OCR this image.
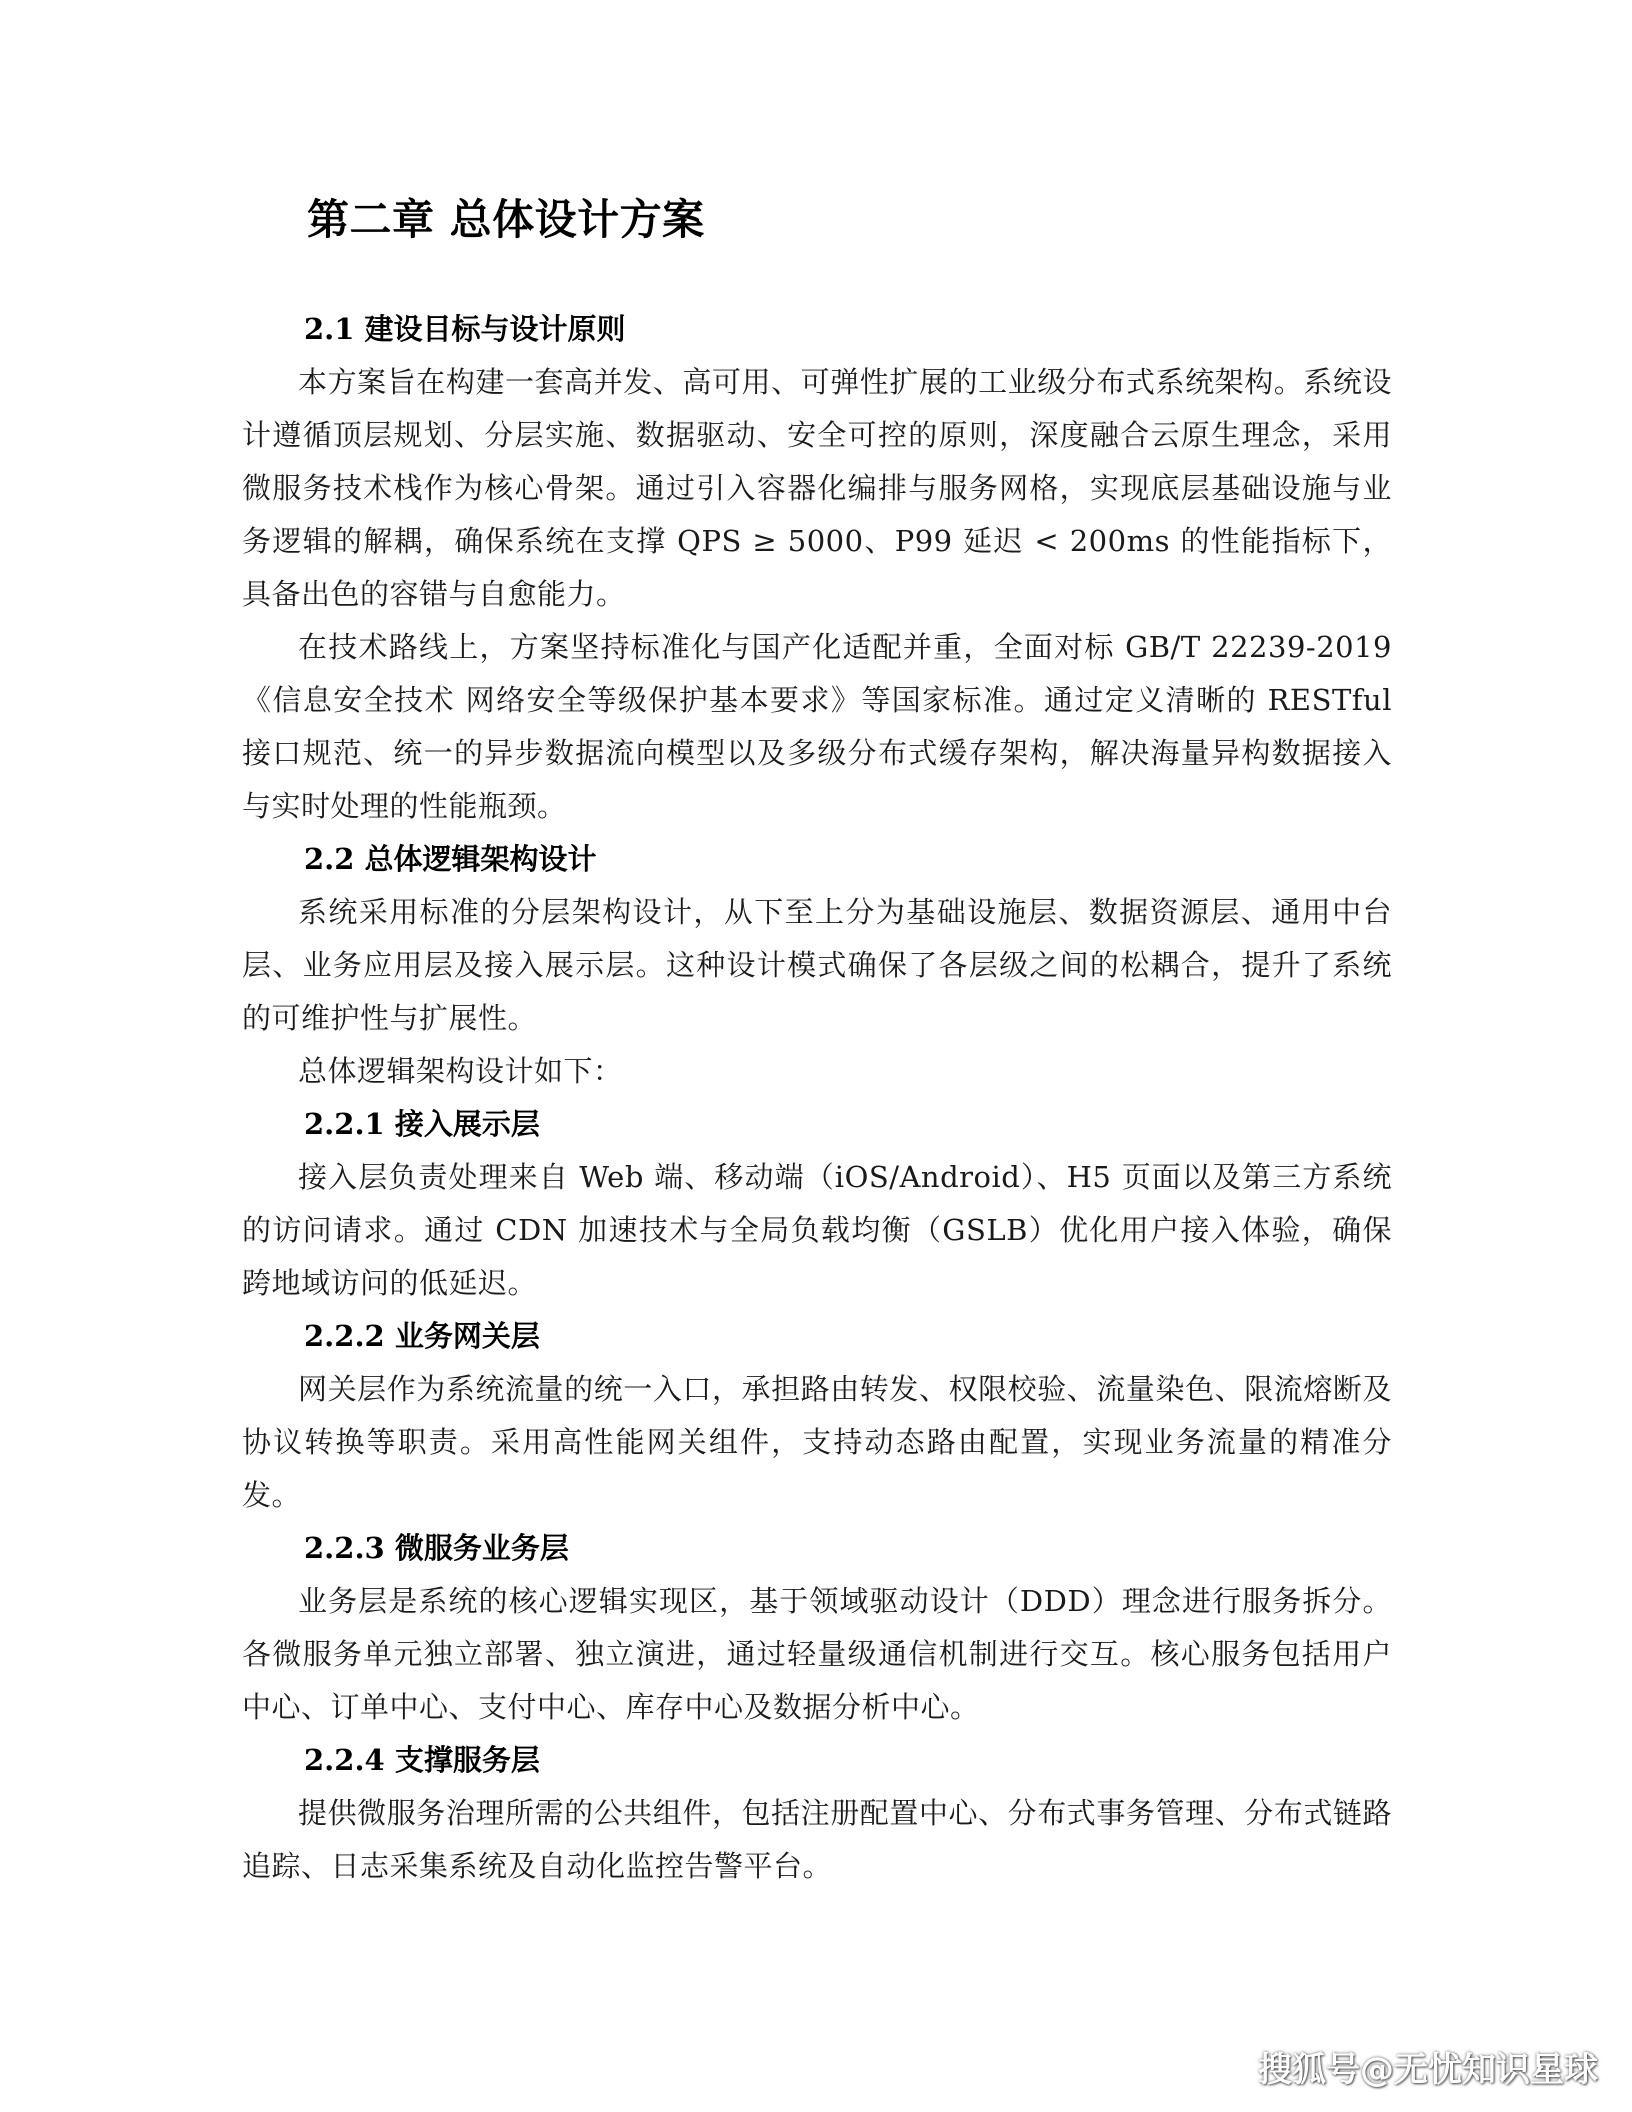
第二章 总体设计方案
2.1 建设目标与设计原则

本方案旨在构建一套高并发、高可用、可弹性扩展的工业级分布式系统架构。系统设计遵循顶层规划、分层实施、数据驱动、安全可控的原则，深度融合云原生理念，采用微服务技术栈作为核心骨架。通过引入容器化编排与服务网格，实现底层基础设施与业务逻辑的解耦，确保系统在支撑 QPS ≥ 5000、P99 延迟 < 200ms 的性能指标下，具备出色的容错与自愈能力。

在技术路线上，方案坚持标准化与国产化适配并重，全面对标 GB/T 22239-2019 《信息安全技术 网络安全等级保护基本要求》等国家标准。通过定义清晰的 RESTful 接口规范、统一的异步数据流向模型以及多级分布式缓存架构，解决海量异构数据接入与实时处理的性能瓶颈。

2.2 总体逻辑架构设计

系统采用标准的分层架构设计，从下至上分为基础设施层、数据资源层、通用中台层、业务应用层及接入展示层。这种设计模式确保了各层级之间的松耦合，提升了系统的可维护性与扩展性。

总体逻辑架构设计如下：

2.2.1 接入展示层

接入层负责处理来自 Web 端、移动端（iOS/Android）、H5 页面以及第三方系统的访问请求。通过 CDN 加速技术与全局负载均衡（GSLB）优化用户接入体验，确保跨地域访问的低延迟。

2.2.2 业务网关层

网关层作为系统流量的统一入口，承担路由转发、权限校验、流量染色、限流熔断及协议转换等职责。采用高性能网关组件，支持动态路由配置，实现业务流量的精准分发。

2.2.3 微服务业务层

业务层是系统的核心逻辑实现区，基于领域驱动设计（DDD）理念进行服务拆分。各微服务单元独立部署、独立演进，通过轻量级通信机制进行交互。核心服务包括用户中心、订单中心、支付中心、库存中心及数据分析中心。

2.2.4 支撑服务层

提供微服务治理所需的公共组件，包括注册配置中心、分布式事务管理、分布式链路追踪、日志采集系统及自动化监控告警平台。

搜狐号@无忧知识星球
